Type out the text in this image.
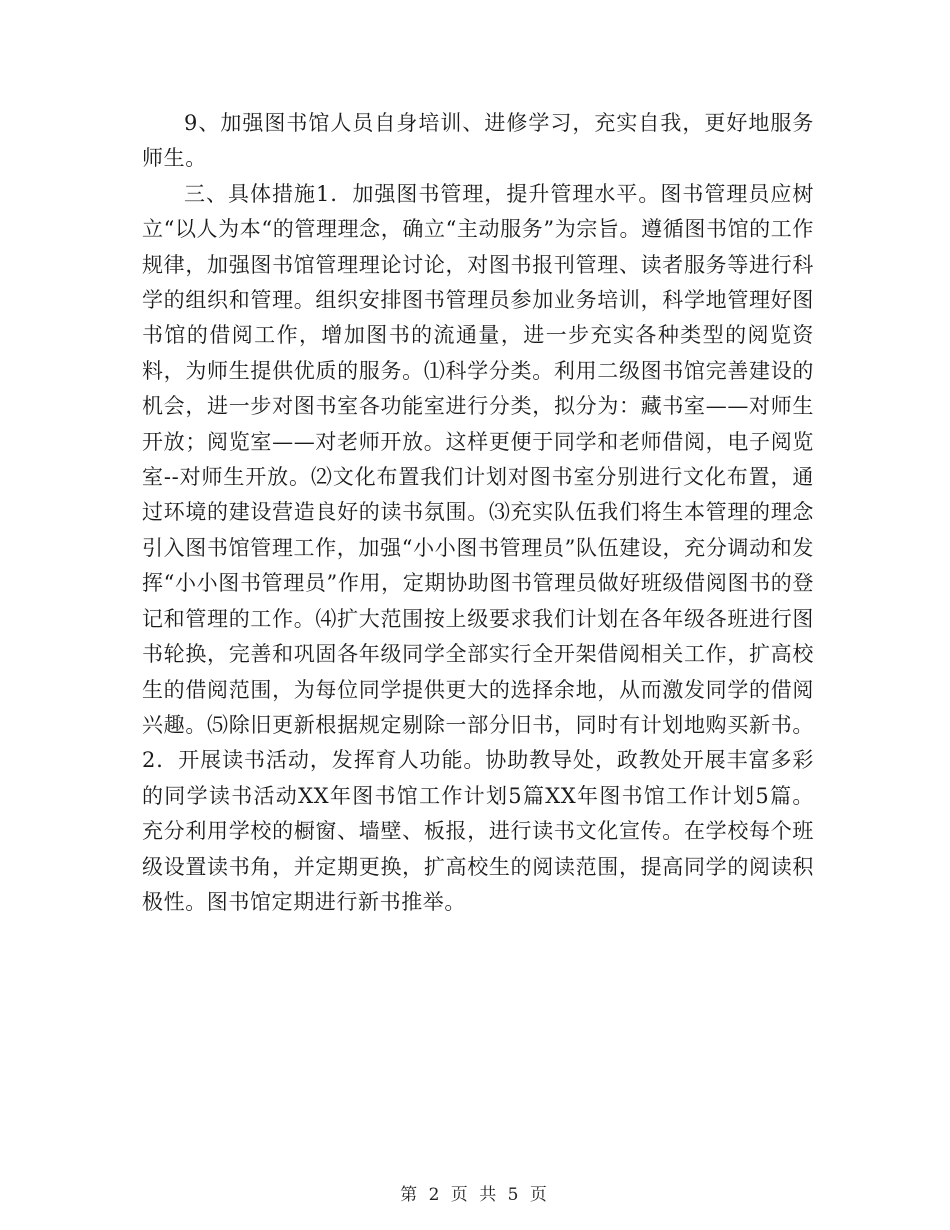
9、加强图书馆人员自身培训、进修学习，充实自我，更好地服务师生。

三、具体措施1．加强图书管理，提升管理水平。图书管理员应树立“以人为本“的管理理念，确立“主动服务”为宗旨。遵循图书馆的工作规律，加强图书馆管理理论讨论，对图书报刊管理、读者服务等进行科学的组织和管理。组织安排图书管理员参加业务培训，科学地管理好图书馆的借阅工作，增加图书的流通量，进一步充实各种类型的阅览资料，为师生提供优质的服务。⑴科学分类。利用二级图书馆完善建设的机会，进一步对图书室各功能室进行分类，拟分为：藏书室——对师生开放；阅览室——对老师开放。这样更便于同学和老师借阅，电子阅览室--对师生开放。⑵文化布置我们计划对图书室分别进行文化布置，通过环境的建设营造良好的读书氛围。⑶充实队伍我们将生本管理的理念引入图书馆管理工作，加强“小小图书管理员”队伍建设，充分调动和发挥“小小图书管理员”作用，定期协助图书管理员做好班级借阅图书的登记和管理的工作。⑷扩大范围按上级要求我们计划在各年级各班进行图书轮换，完善和巩固各年级同学全部实行全开架借阅相关工作，扩高校生的借阅范围，为每位同学提供更大的选择余地，从而激发同学的借阅兴趣。⑸除旧更新根据规定剔除一部分旧书，同时有计划地购买新书。2．开展读书活动，发挥育人功能。协助教导处，政教处开展丰富多彩的同学读书活动XX年图书馆工作计划5篇XX年图书馆工作计划5篇。充分利用学校的橱窗、墙壁、板报，进行读书文化宣传。在学校每个班级设置读书角，并定期更换，扩高校生的阅读范围，提高同学的阅读积极性。图书馆定期进行新书推举。

第 2 页 共 5 页
